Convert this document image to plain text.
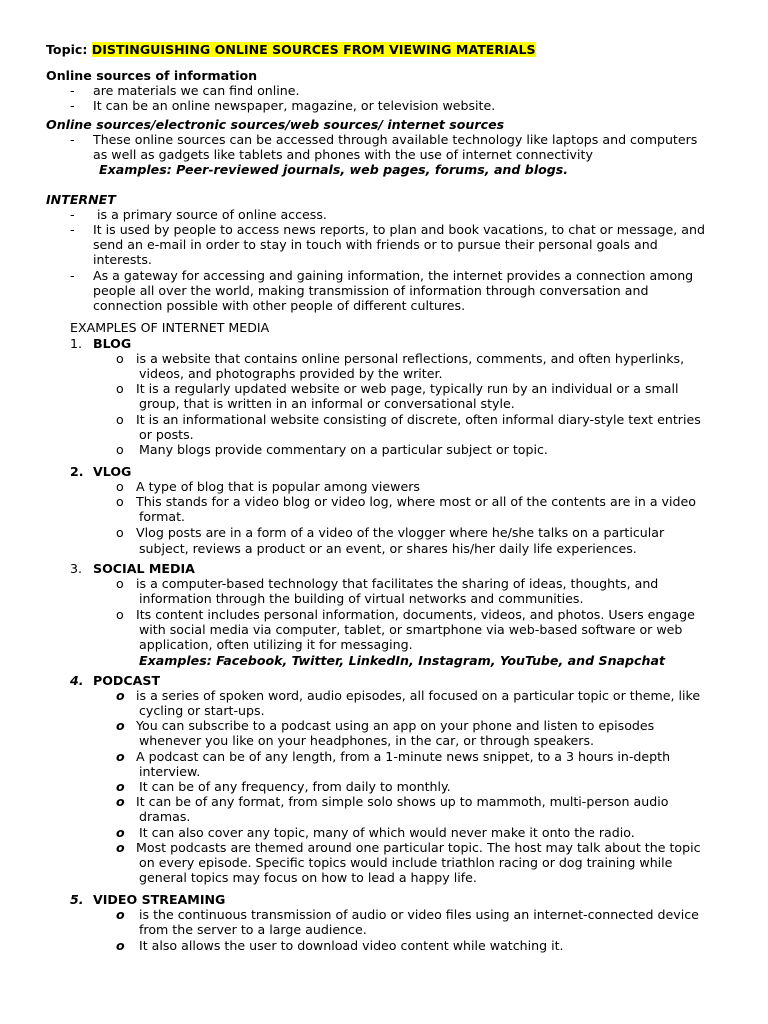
Topic: DISTINGUISHING ONLINE SOURCES FROM VIEWING MATERIALS
Online sources of information
-	are materials we can find online.
-	It can be an online newspaper, magazine, or television website.
Online sources/electronic sources/web sources/ internet sources
-	These online sources can be accessed through available technology like laptops and computers
as well as gadgets like tablets and phones with the use of internet connectivity
Examples: Peer-reviewed journals, web pages, forums, and blogs.
INTERNET
-	is a primary source of online access.
-	It is used by people to access news reports, to plan and book vacations, to chat or message, and
send an e-mail in order to stay in touch with friends or to pursue their personal goals and
interests.
-	As a gateway for accessing and gaining information, the internet provides a connection among
people all over the world, making transmission of information through conversation and
connection possible with other people of different cultures.
EXAMPLES OF INTERNET MEDIA
1. BLOG
o is a website that contains online personal reflections, comments, and often hyperlinks,
videos, and photographs provided by the writer.
o It is a regularly updated website or web page, typically run by an individual or a small
group, that is written in an informal or conversational style.
o It is an informational website consisting of discrete, often informal diary-style text entries
or posts.
o Many blogs provide commentary on a particular subject or topic.
2. VLOG
o A type of blog that is popular among viewers
o This stands for a video blog or video log, where most or all of the contents are in a video
format.
o Vlog posts are in a form of a video of the vlogger where he/she talks on a particular
subject, reviews a product or an event, or shares his/her daily life experiences.
3. SOCIAL MEDIA
o is a computer-based technology that facilitates the sharing of ideas, thoughts, and
information through the building of virtual networks and communities.
o Its content includes personal information, documents, videos, and photos. Users engage
with social media via computer, tablet, or smartphone via web-based software or web
application, often utilizing it for messaging.
Examples: Facebook, Twitter, LinkedIn, Instagram, YouTube, and Snapchat
4. PODCAST
o is a series of spoken word, audio episodes, all focused on a particular topic or theme, like
cycling or start-ups.
o You can subscribe to a podcast using an app on your phone and listen to episodes
whenever you like on your headphones, in the car, or through speakers.
o A podcast can be of any length, from a 1-minute news snippet, to a 3 hours in-depth
interview.
o It can be of any frequency, from daily to monthly.
o It can be of any format, from simple solo shows up to mammoth, multi-person audio
dramas.
o It can also cover any topic, many of which would never make it onto the radio.
o Most podcasts are themed around one particular topic. The host may talk about the topic
on every episode. Specific topics would include triathlon racing or dog training while
general topics may focus on how to lead a happy life.
5. VIDEO STREAMING
o is the continuous transmission of audio or video files using an internet-connected device
from the server to a large audience.
o It also allows the user to download video content while watching it.
